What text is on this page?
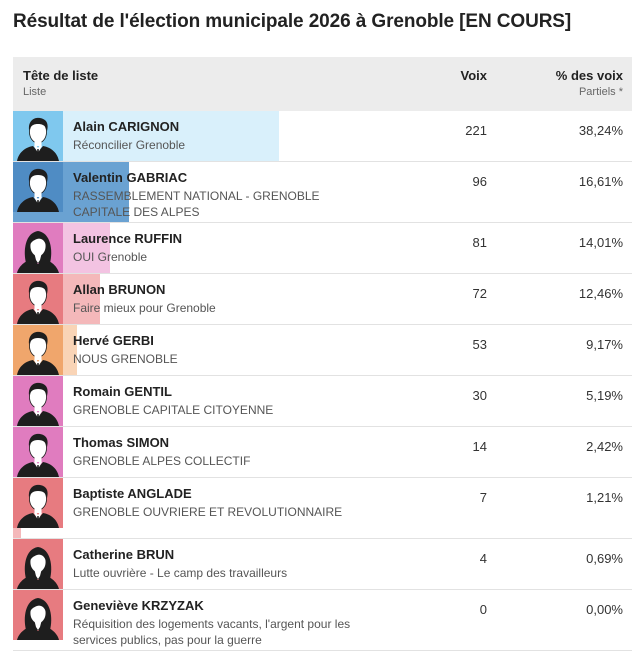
Résultat de l'élection municipale 2026 à Grenoble [EN COURS]
Tête de liste
Liste
Voix	% des voix
Partiels *
Alain CARIGNON
Réconcilier Grenoble
221	38,24%
Valentin GABRIAC
RASSEMBLEMENT NATIONAL - GRENOBLE CAPITALE DES ALPES
96	16,61%
Laurence RUFFIN
OUI Grenoble
81	14,01%
Allan BRUNON
Faire mieux pour Grenoble
72	12,46%
Hervé GERBI
NOUS GRENOBLE
53	9,17%
Romain GENTIL
GRENOBLE CAPITALE CITOYENNE
30	5,19%
Thomas SIMON
GRENOBLE ALPES COLLECTIF
14	2,42%
Baptiste ANGLADE
GRENOBLE OUVRIERE ET REVOLUTIONNAIRE
7	1,21%
Catherine BRUN
Lutte ouvrière - Le camp des travailleurs
4	0,69%
Geneviève KRZYZAK
Réquisition des logements vacants, l'argent pour les services publics, pas pour la guerre
0	0,00%
